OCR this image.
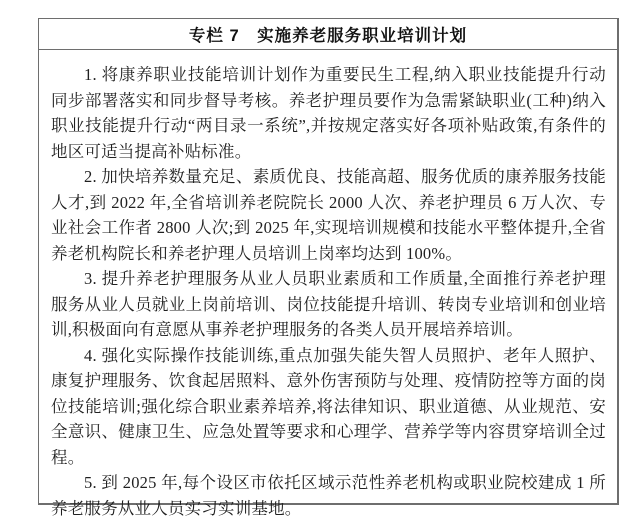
专栏 7　实施养老服务职业培训计划

1. 将康养职业技能培训计划作为重要民生工程,纳入职业技能提升行动同步部署落实和同步督导考核。养老护理员要作为急需紧缺职业(工种)纳入职业技能提升行动“两目录一系统”,并按规定落实好各项补贴政策,有条件的地区可适当提高补贴标准。

2. 加快培养数量充足、素质优良、技能高超、服务优质的康养服务技能人才,到 2022 年,全省培训养老院院长 2000 人次、养老护理员 6 万人次、专业社会工作者 2800 人次;到 2025 年,实现培训规模和技能水平整体提升,全省养老机构院长和养老护理人员培训上岗率均达到 100%。

3. 提升养老护理服务从业人员职业素质和工作质量,全面推行养老护理服务从业人员就业上岗前培训、岗位技能提升培训、转岗专业培训和创业培训,积极面向有意愿从事养老护理服务的各类人员开展培养培训。

4. 强化实际操作技能训练,重点加强失能失智人员照护、老年人照护、康复护理服务、饮食起居照料、意外伤害预防与处理、疫情防控等方面的岗位技能培训;强化综合职业素养培养,将法律知识、职业道德、从业规范、安全意识、健康卫生、应急处置等要求和心理学、营养学等内容贯穿培训全过程。

5. 到 2025 年,每个设区市依托区域示范性养老机构或职业院校建成 1 所养老服务从业人员实习实训基地。
